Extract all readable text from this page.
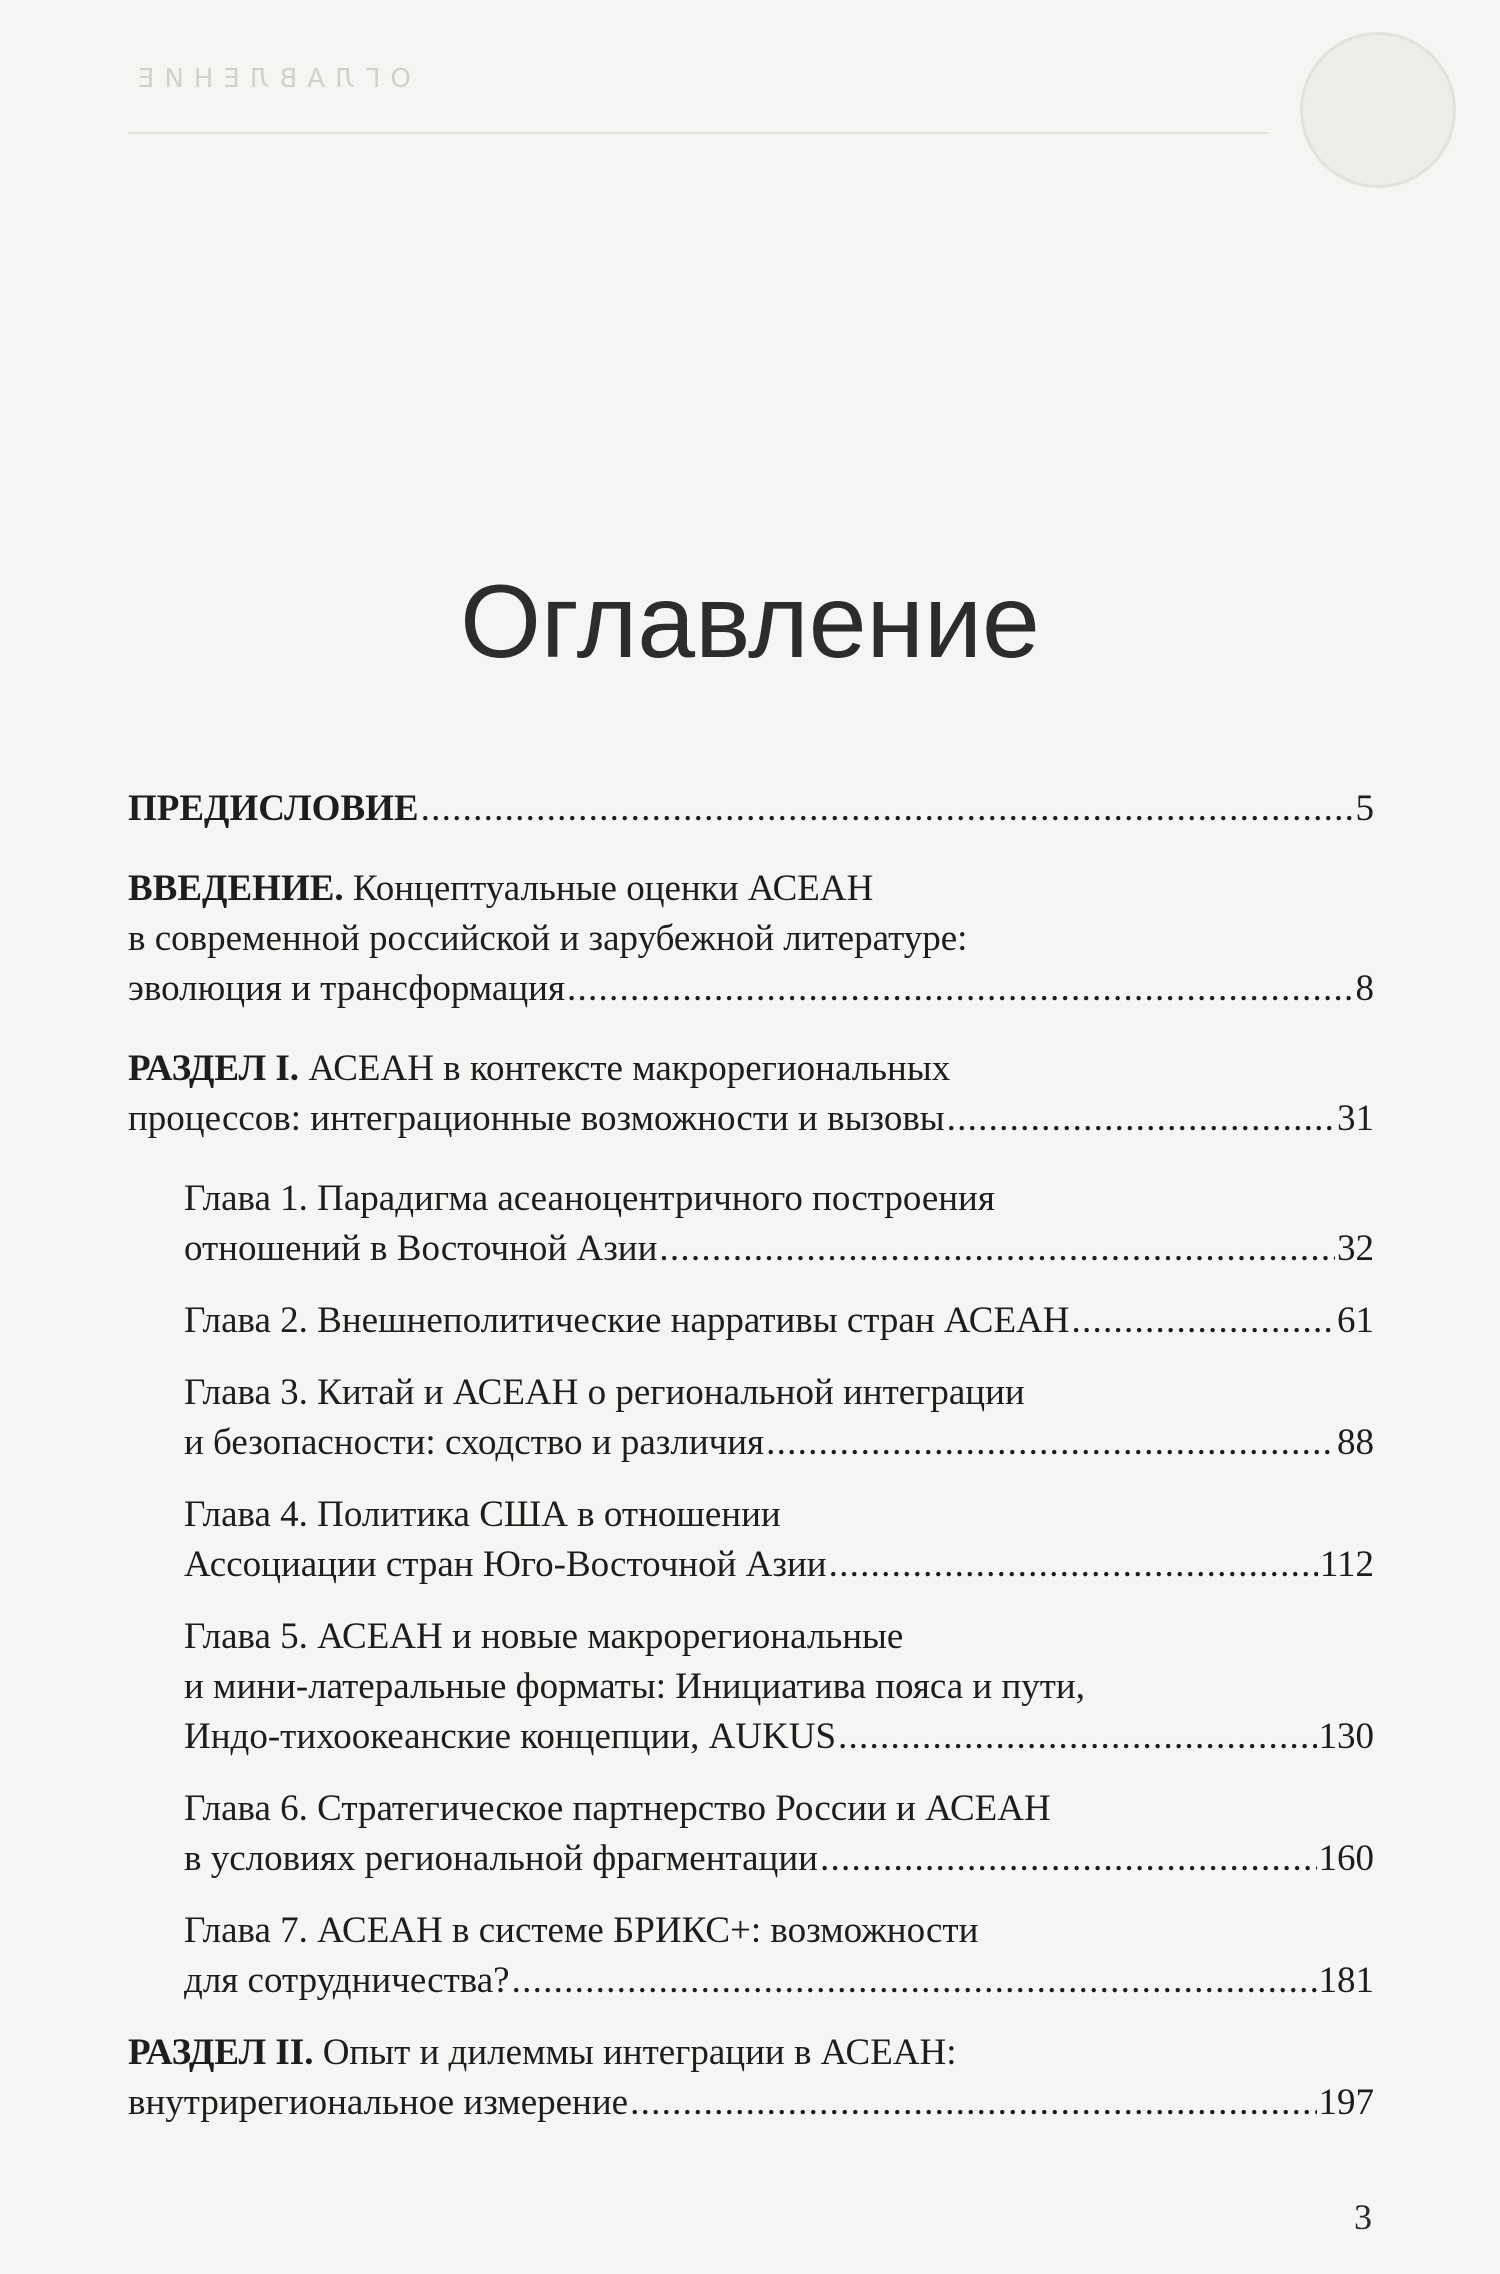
ОГЛАВЛЕНИЕ
Оглавление
ПРЕДИСЛОВИЕ . . .	5
ВВЕДЕНИЕ. Концептуальные оценки АСЕАН
в современной российской и зарубежной литературе:
эволюция и трансформация . . .	8
РАЗДЕЛ I. АСЕАН в контексте макрорегиональных
процессов: интеграционные возможности и вызовы . . .	31
Глава 1. Парадигма асеаноцентричного построения
отношений в Восточной Азии . . .	32
Глава 2. Внешнеполитические нарративы стран АСЕАН . . .	61
Глава 3. Китай и АСЕАН о региональной интеграции
и безопасности: сходство и различия . . .	88
Глава 4. Политика США в отношении
Ассоциации стран Юго-Восточной Азии . . .	112
Глава 5. АСЕАН и новые макрорегиональные
и мини-латеральные форматы: Инициатива пояса и пути,
Индо-тихоокеанские концепции, AUKUS . . .	130
Глава 6. Стратегическое партнерство России и АСЕАН
в условиях региональной фрагментации . . .	160
Глава 7. АСЕАН в системе БРИКС+: возможности
для сотрудничества? . . .	181
РАЗДЕЛ II. Опыт и дилеммы интеграции в АСЕАН:
внутрирегиональное измерение . . .	197
3
